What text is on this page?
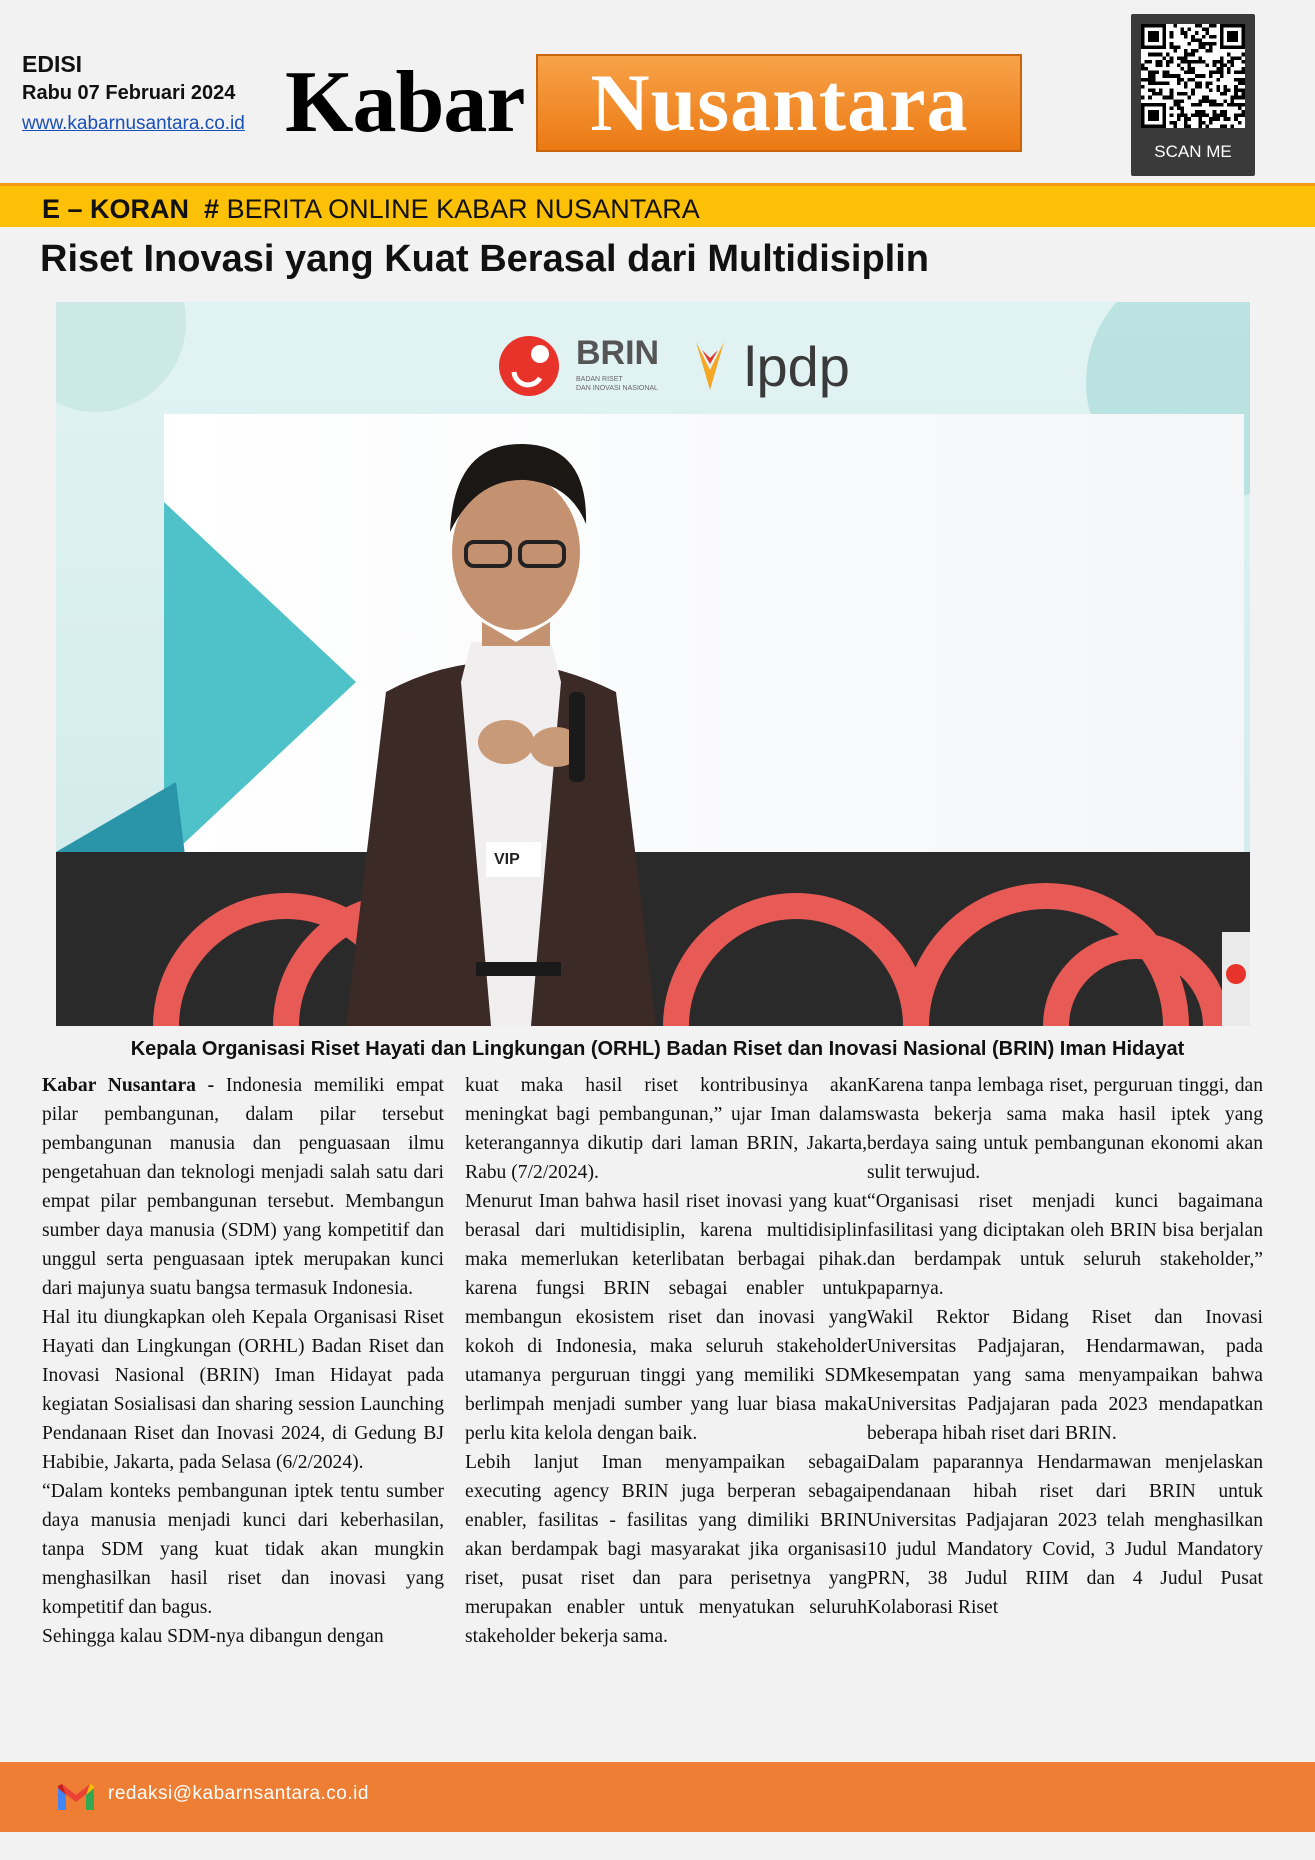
EDISI
Rabu 07 Februari 2024
www.kabarnusantara.co.id Kabar Nusantara
SCAN ME
E – KORAN # BERITA ONLINE KABAR NUSANTARA
Riset Inovasi yang Kuat Berasal dari Multidisiplin
BRIN
BADAN RISET
DAN INOVASI NASIONAL lpdp
VIP
Kepala Organisasi Riset Hayati dan Lingkungan (ORHL) Badan Riset dan Inovasi Nasional (BRIN) Iman Hidayat

Kabar Nusantara - Indonesia memiliki empat pilar pembangunan, dalam pilar tersebut pembangunan manusia dan penguasaan ilmu pengetahuan dan teknologi menjadi salah satu dari empat pilar pembangunan tersebut. Membangun sumber daya manusia (SDM) yang kompetitif dan unggul serta penguasaan iptek merupakan kunci dari majunya suatu bangsa termasuk Indonesia.

Hal itu diungkapkan oleh Kepala Organisasi Riset Hayati dan Lingkungan (ORHL) Badan Riset dan Inovasi Nasional (BRIN) Iman Hidayat pada kegiatan Sosialisasi dan sharing session Launching Pendanaan Riset dan Inovasi 2024, di Gedung BJ Habibie, Jakarta, pada Selasa (6/2/2024).

“Dalam konteks pembangunan iptek tentu sumber daya manusia menjadi kunci dari keberhasilan, tanpa SDM yang kuat tidak akan mungkin menghasilkan hasil riset dan inovasi yang kompetitif dan bagus.

Sehingga kalau SDM-nya dibangun dengan

kuat maka hasil riset kontribusinya akan meningkat bagi pembangunan,” ujar Iman dalam keterangannya dikutip dari laman BRIN, Jakarta, Rabu (7/2/2024).

Menurut Iman bahwa hasil riset inovasi yang kuat berasal dari multidisiplin, karena multidisiplin maka memerlukan keterlibatan berbagai pihak. karena fungsi BRIN sebagai enabler untuk membangun ekosistem riset dan inovasi yang kokoh di Indonesia, maka seluruh stakeholder utamanya perguruan tinggi yang memiliki SDM berlimpah menjadi sumber yang luar biasa maka perlu kita kelola dengan baik.

Lebih lanjut Iman menyampaikan sebagai executing agency BRIN juga berperan sebagai enabler, fasilitas - fasilitas yang dimiliki BRIN akan berdampak bagi masyarakat jika organisasi riset, pusat riset dan para perisetnya yang merupakan enabler untuk menyatukan seluruh stakeholder bekerja sama.

Karena tanpa lembaga riset, perguruan tinggi, dan swasta bekerja sama maka hasil iptek yang berdaya saing untuk pembangunan ekonomi akan sulit terwujud.

“Organisasi riset menjadi kunci bagaimana fasilitasi yang diciptakan oleh BRIN bisa berjalan dan berdampak untuk seluruh stakeholder,” paparnya.

Wakil Rektor Bidang Riset dan Inovasi Universitas Padjajaran, Hendarmawan, pada kesempatan yang sama menyampaikan bahwa Universitas Padjajaran pada 2023 mendapatkan beberapa hibah riset dari BRIN.

Dalam paparannya Hendarmawan menjelaskan pendanaan hibah riset dari BRIN untuk Universitas Padjajaran 2023 telah menghasilkan 10 judul Mandatory Covid, 3 Judul Mandatory PRN, 38 Judul RIIM dan 4 Judul Pusat Kolaborasi Riset

redaksi@kabarnsantara.co.id
